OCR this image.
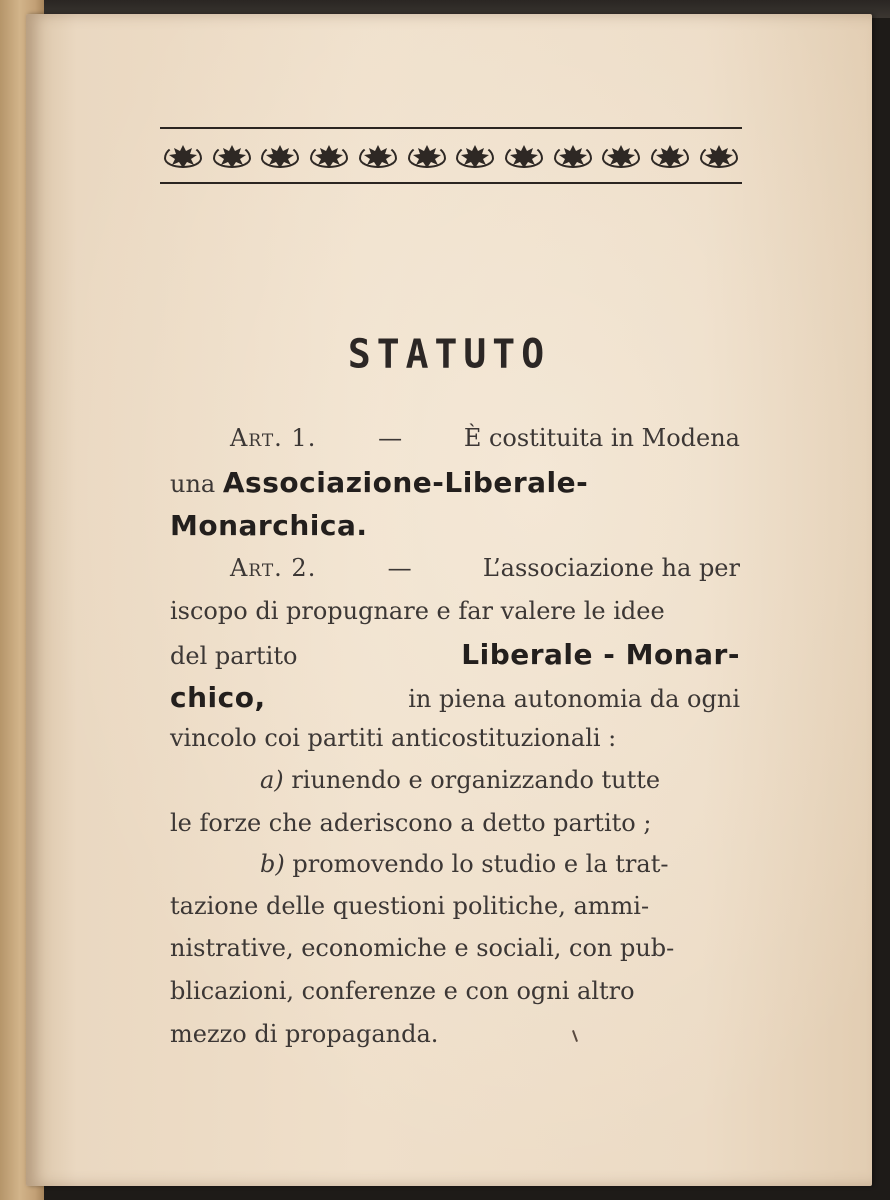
STATUTO
Art. 1.	—	È costituita in Modena
una Associazione-Liberale-
Monarchica.
Art. 2.	—	L’associazione ha per
iscopo di propugnare e far valere le idee
del partito	Liberale - Monar-
chico,	in piena autonomia da ogni
vincolo coi partiti anticostituzionali :
a) riunendo e organizzando tutte
le forze che aderiscono a detto partito ;
b) promovendo lo studio e la trat-
tazione delle questioni politiche, ammi-
nistrative, economiche e sociali, con pub-
blicazioni, conferenze e con ogni altro
mezzo di propaganda.
